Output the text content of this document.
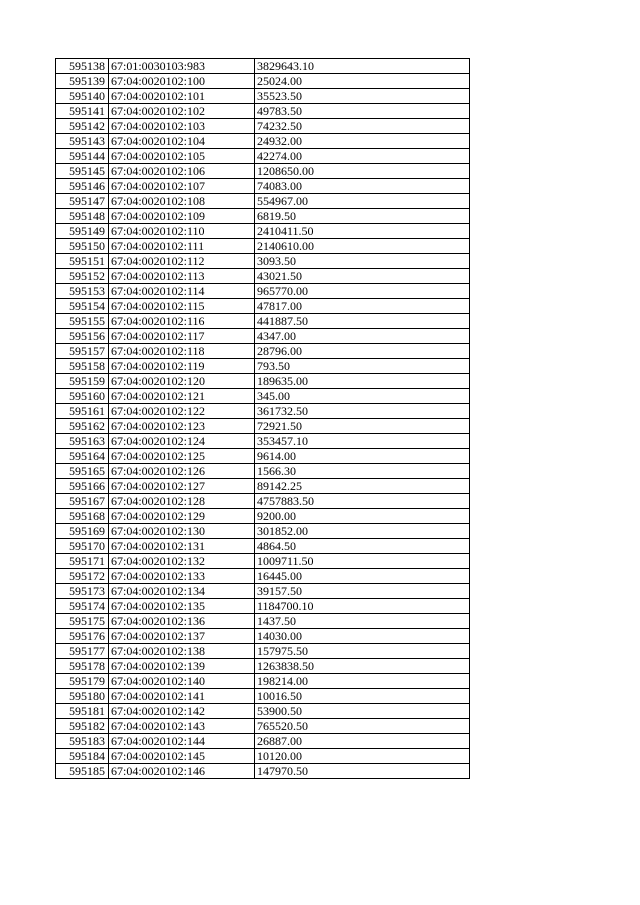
595138	67:01:0030103:983	3829643.10
595139	67:04:0020102:100	25024.00
595140	67:04:0020102:101	35523.50
595141	67:04:0020102:102	49783.50
595142	67:04:0020102:103	74232.50
595143	67:04:0020102:104	24932.00
595144	67:04:0020102:105	42274.00
595145	67:04:0020102:106	1208650.00
595146	67:04:0020102:107	74083.00
595147	67:04:0020102:108	554967.00
595148	67:04:0020102:109	6819.50
595149	67:04:0020102:110	2410411.50
595150	67:04:0020102:111	2140610.00
595151	67:04:0020102:112	3093.50
595152	67:04:0020102:113	43021.50
595153	67:04:0020102:114	965770.00
595154	67:04:0020102:115	47817.00
595155	67:04:0020102:116	441887.50
595156	67:04:0020102:117	4347.00
595157	67:04:0020102:118	28796.00
595158	67:04:0020102:119	793.50
595159	67:04:0020102:120	189635.00
595160	67:04:0020102:121	345.00
595161	67:04:0020102:122	361732.50
595162	67:04:0020102:123	72921.50
595163	67:04:0020102:124	353457.10
595164	67:04:0020102:125	9614.00
595165	67:04:0020102:126	1566.30
595166	67:04:0020102:127	89142.25
595167	67:04:0020102:128	4757883.50
595168	67:04:0020102:129	9200.00
595169	67:04:0020102:130	301852.00
595170	67:04:0020102:131	4864.50
595171	67:04:0020102:132	1009711.50
595172	67:04:0020102:133	16445.00
595173	67:04:0020102:134	39157.50
595174	67:04:0020102:135	1184700.10
595175	67:04:0020102:136	1437.50
595176	67:04:0020102:137	14030.00
595177	67:04:0020102:138	157975.50
595178	67:04:0020102:139	1263838.50
595179	67:04:0020102:140	198214.00
595180	67:04:0020102:141	10016.50
595181	67:04:0020102:142	53900.50
595182	67:04:0020102:143	765520.50
595183	67:04:0020102:144	26887.00
595184	67:04:0020102:145	10120.00
595185	67:04:0020102:146	147970.50
